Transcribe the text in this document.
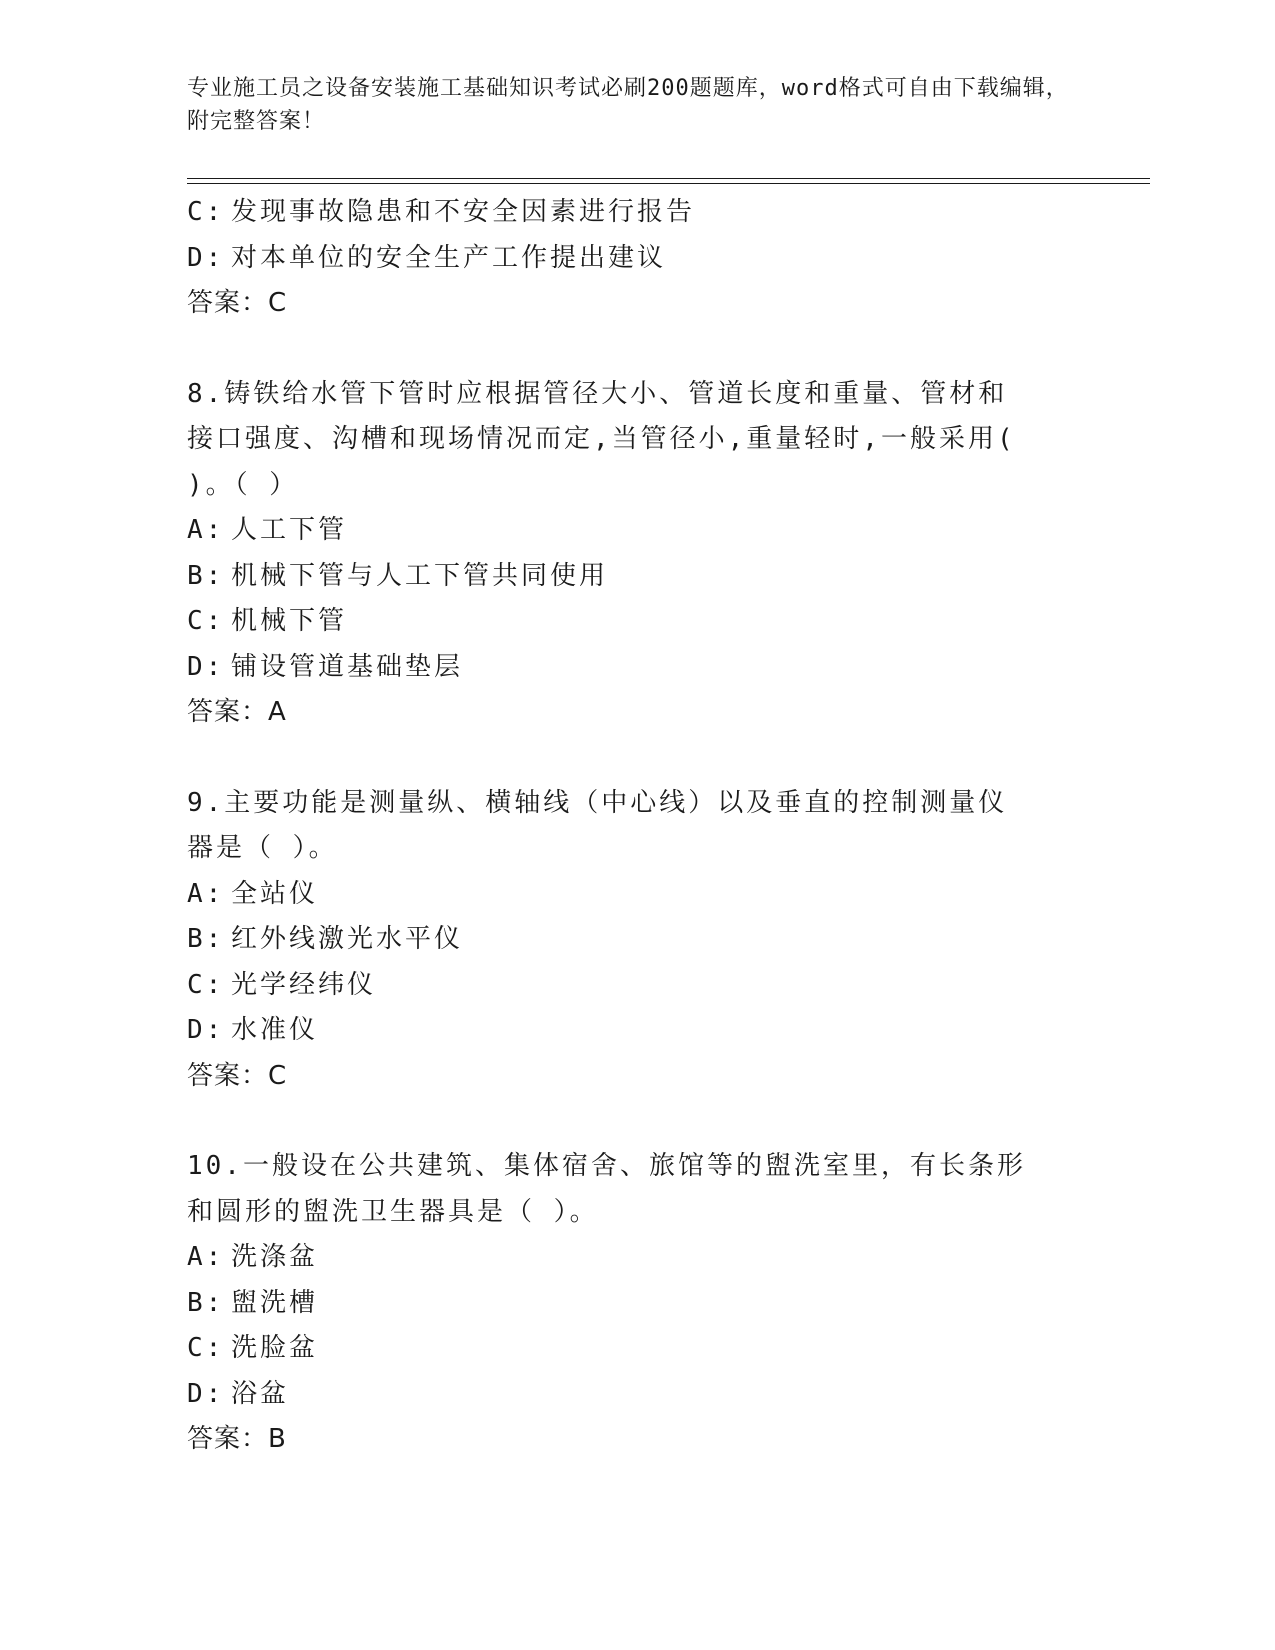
专业施工员之设备安装施工基础知识考试必刷200题题库，word格式可自由下载编辑，附完整答案！
C: 发现事故隐患和不安全因素进行报告
D: 对本单位的安全生产工作提出建议
答案：C
8.铸铁给水管下管时应根据管径大小、管道长度和重量、管材和接口强度、沟槽和现场情况而定,当管径小,重量轻时,一般采用( )。（ ）
A: 人工下管
B: 机械下管与人工下管共同使用
C: 机械下管
D: 铺设管道基础垫层
答案：A
9.主要功能是测量纵、横轴线（中心线）以及垂直的控制测量仪器是（ ）。
A: 全站仪
B: 红外线激光水平仪
C: 光学经纬仪
D: 水准仪
答案：C
10.一般设在公共建筑、集体宿舍、旅馆等的盥洗室里，有长条形和圆形的盥洗卫生器具是（ ）。
A: 洗涤盆
B: 盥洗槽
C: 洗脸盆
D: 浴盆
答案：B
